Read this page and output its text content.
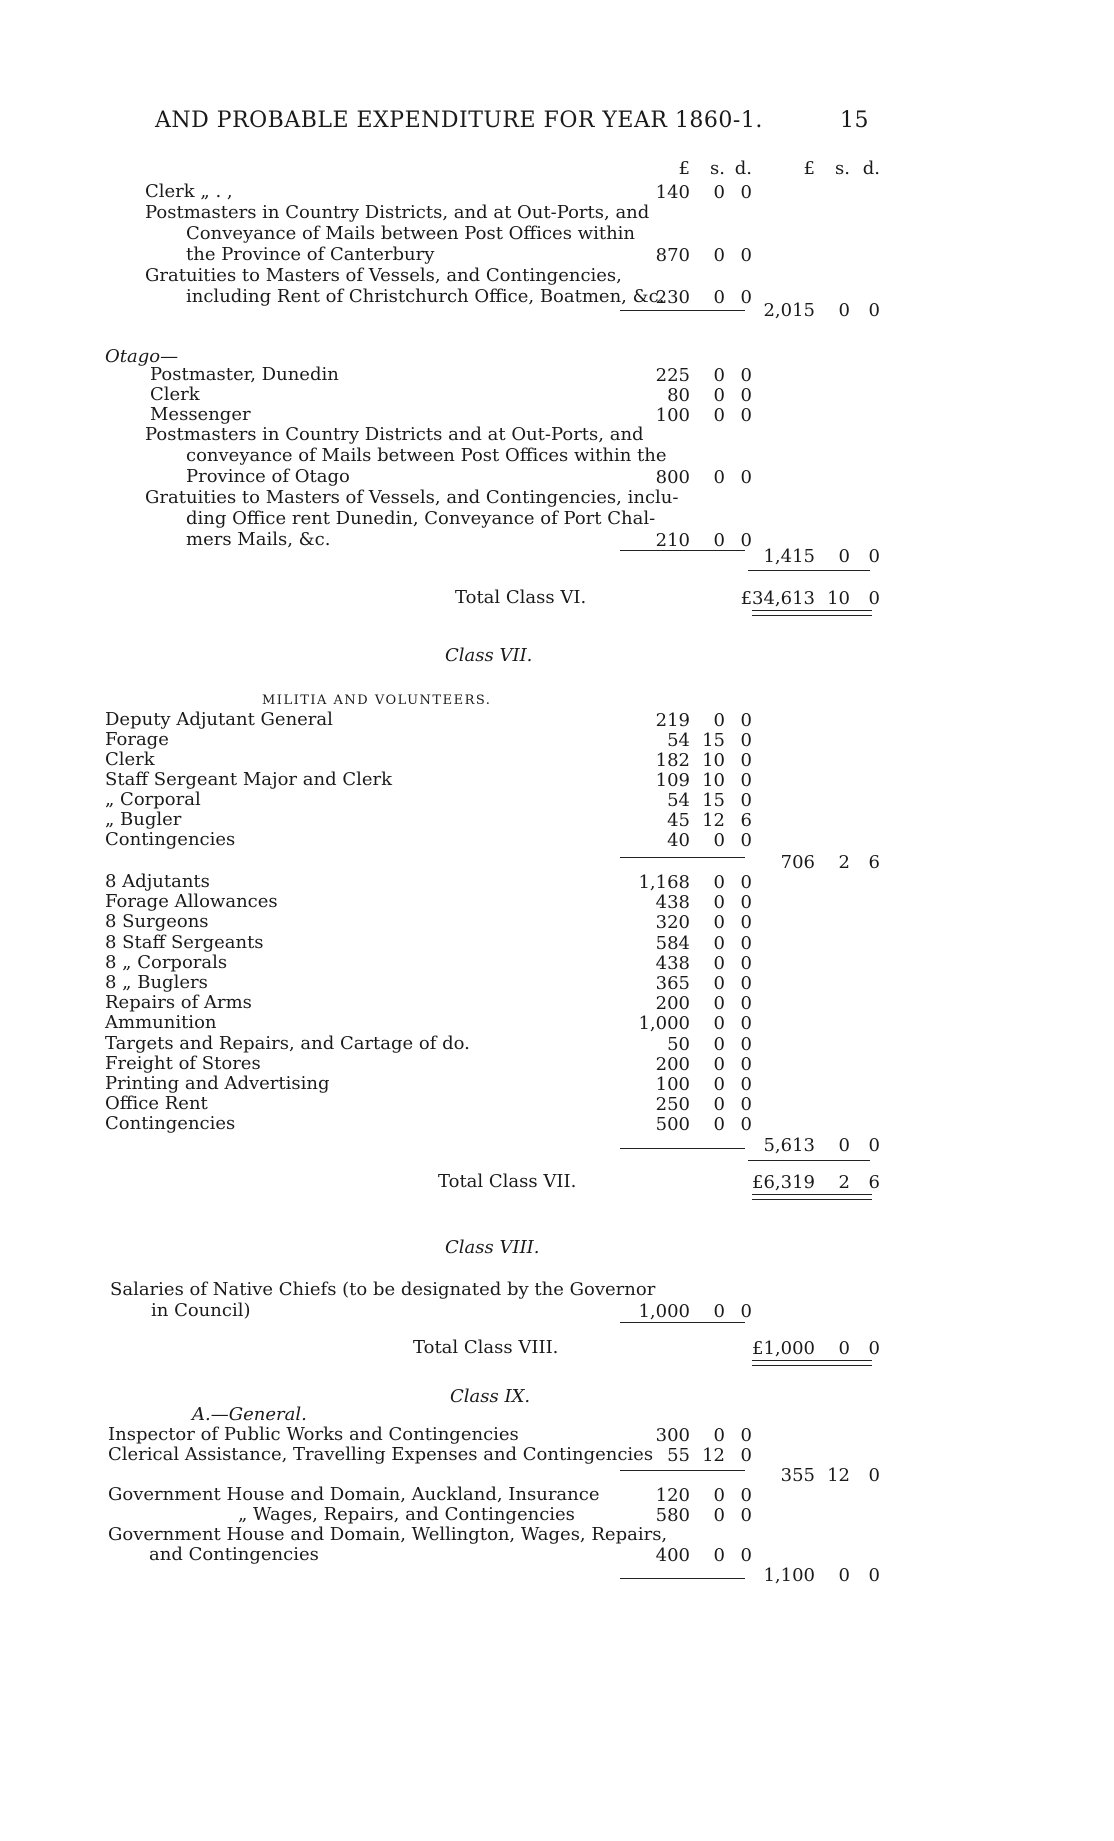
AND PROBABLE EXPENDITURE FOR YEAR 1860-1.	15
£	s. d.	£	s. d.
Clerk „ . ,	140	0 0
Postmasters in Country Districts, and at Out-Ports, and
Conveyance of Mails between Post Offices within
the Province of Canterbury	870	0 0
Gratuities to Masters of Vessels, and Contingencies,
including Rent of Christchurch Office, Boatmen, &c.
230	0 0
2,015	0	0
Otago—
Postmaster, Dunedin	225	0 0
Clerk	80	0 0
Messenger	100	0 0
Postmasters in Country Districts and at Out-Ports, and
conveyance of Mails between Post Offices within the
Province of Otago	800	0 0
Gratuities to Masters of Vessels, and Contingencies, inclu-
ding Office rent Dunedin, Conveyance of Port Chal-
mers Mails, &c.	210	0 0
1,415	0	0
Total Class VI.	£34,613 10	0
Class VII.
MILITIA AND VOLUNTEERS.
Deputy Adjutant General	219	0 0
Forage	54 15 0
Clerk	182 10 0
Staff Sergeant Major and Clerk	109 10 0
„ Corporal	54 15 0
„ Bugler	45 12 6
Contingencies	40	0 0
706	2	6
8 Adjutants	1,168	0 0
Forage Allowances	438	0 0
8 Surgeons	320	0 0
8 Staff Sergeants	584	0 0
8 „ Corporals	438	0 0
8 „ Buglers	365	0 0
Repairs of Arms	200	0 0
Ammunition	1,000	0 0
Targets and Repairs, and Cartage of do.	50	0 0
Freight of Stores	200	0 0
Printing and Advertising	100	0 0
Office Rent	250	0 0
Contingencies	500	0 0
5,613	0	0
Total Class VII.	£6,319	2	6
Class VIII.
Salaries of Native Chiefs (to be designated by the Governor
in Council)	1,000	0 0
Total Class VIII.	£1,000	0	0
Class IX.
A.—General.
Inspector of Public Works and Contingencies	300	0 0
Clerical Assistance, Travelling Expenses and Contingencies 55 12 0
355 12	0
Government House and Domain, Auckland, Insurance	120	0 0
„ Wages, Repairs, and Contingencies	580	0 0
Government House and Domain, Wellington, Wages, Repairs,
and Contingencies	400	0 0
1,100	0	0
